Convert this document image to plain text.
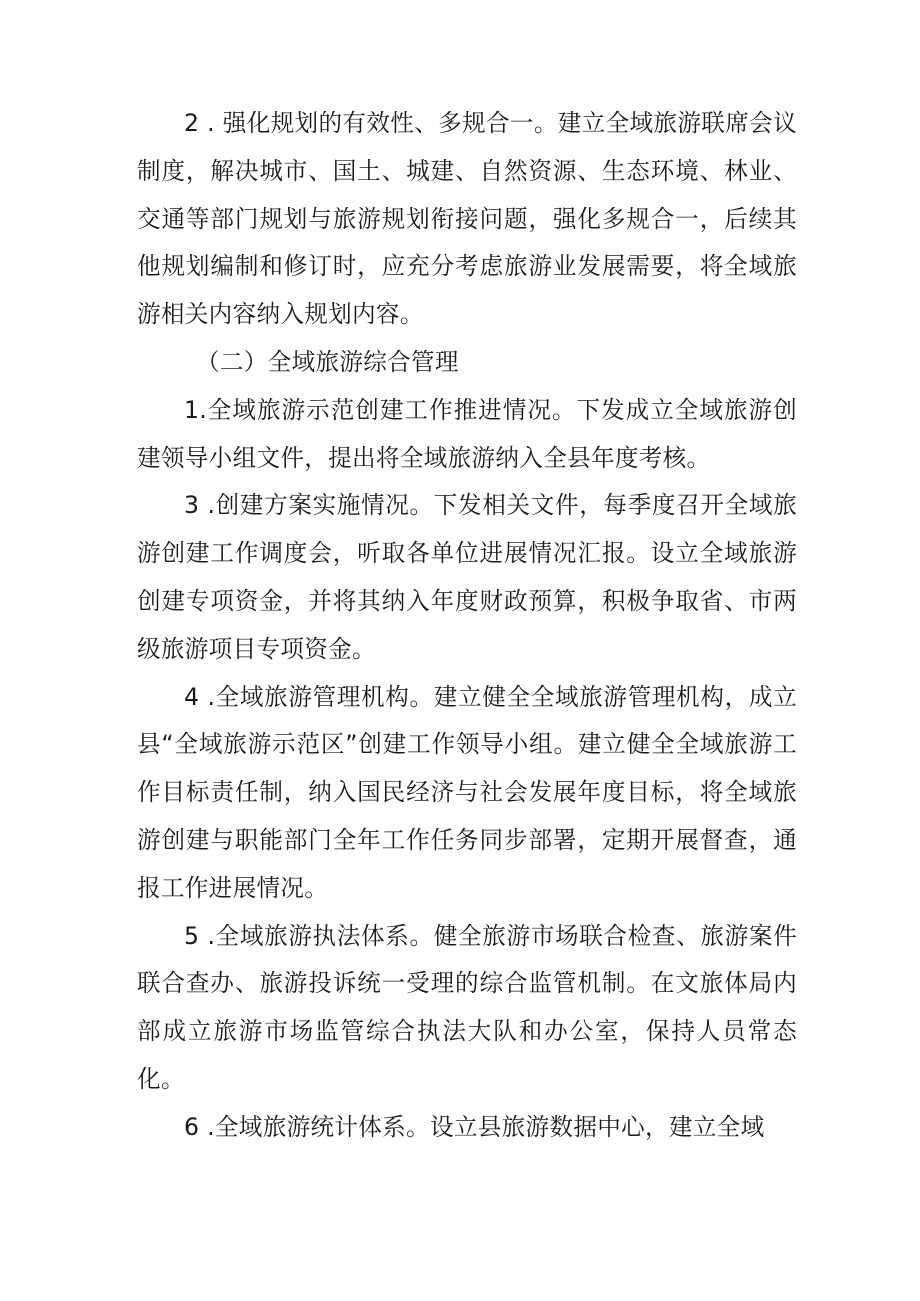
2 . 强化规划的有效性、多规合一。建立全域旅游联席会议制度，解决城市、国土、城建、自然资源、生态环境、林业、交通等部门规划与旅游规划衔接问题，强化多规合一，后续其他规划编制和修订时，应充分考虑旅游业发展需要，将全域旅游相关内容纳入规划内容。

（二）全域旅游综合管理

1.全域旅游示范创建工作推进情况。下发成立全域旅游创建领导小组文件，提出将全域旅游纳入全县年度考核。

3 .创建方案实施情况。下发相关文件，每季度召开全域旅游创建工作调度会，听取各单位进展情况汇报。设立全域旅游创建专项资金，并将其纳入年度财政预算，积极争取省、市两级旅游项目专项资金。

4 .全域旅游管理机构。建立健全全域旅游管理机构，成立县“全域旅游示范区”创建工作领导小组。建立健全全域旅游工作目标责任制，纳入国民经济与社会发展年度目标，将全域旅游创建与职能部门全年工作任务同步部署，定期开展督查，通报工作进展情况。

5 .全域旅游执法体系。健全旅游市场联合检查、旅游案件联合查办、旅游投诉统一受理的综合监管机制。在文旅体局内部成立旅游市场监管综合执法大队和办公室，保持人员常态化。

6 .全域旅游统计体系。设立县旅游数据中心，建立全域
